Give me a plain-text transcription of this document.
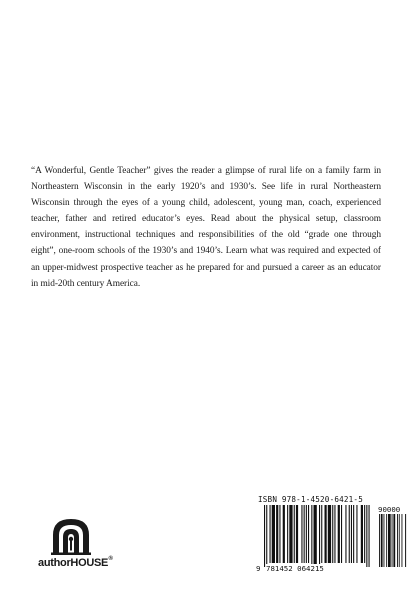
“A Wonderful, Gentle Teacher” gives the reader a glimpse of rural life on a family farm in Northeastern Wisconsin in the early 1920’s and 1930’s. See life in rural Northeastern Wisconsin through the eyes of a young child, adolescent, young man, coach, experienced teacher, father and retired educator’s eyes. Read about the physical setup, classroom environment, instructional techniques and responsibilities of the old “grade one through eight”, one-room schools of the 1930’s and 1940’s. Learn what was required and expected of an upper-midwest prospective teacher as he prepared for and pursued a career as an educator in mid-20th century America.
authorHOUSE®
ISBN 978-1-4520-6421-5
9 781452 064215
90000
